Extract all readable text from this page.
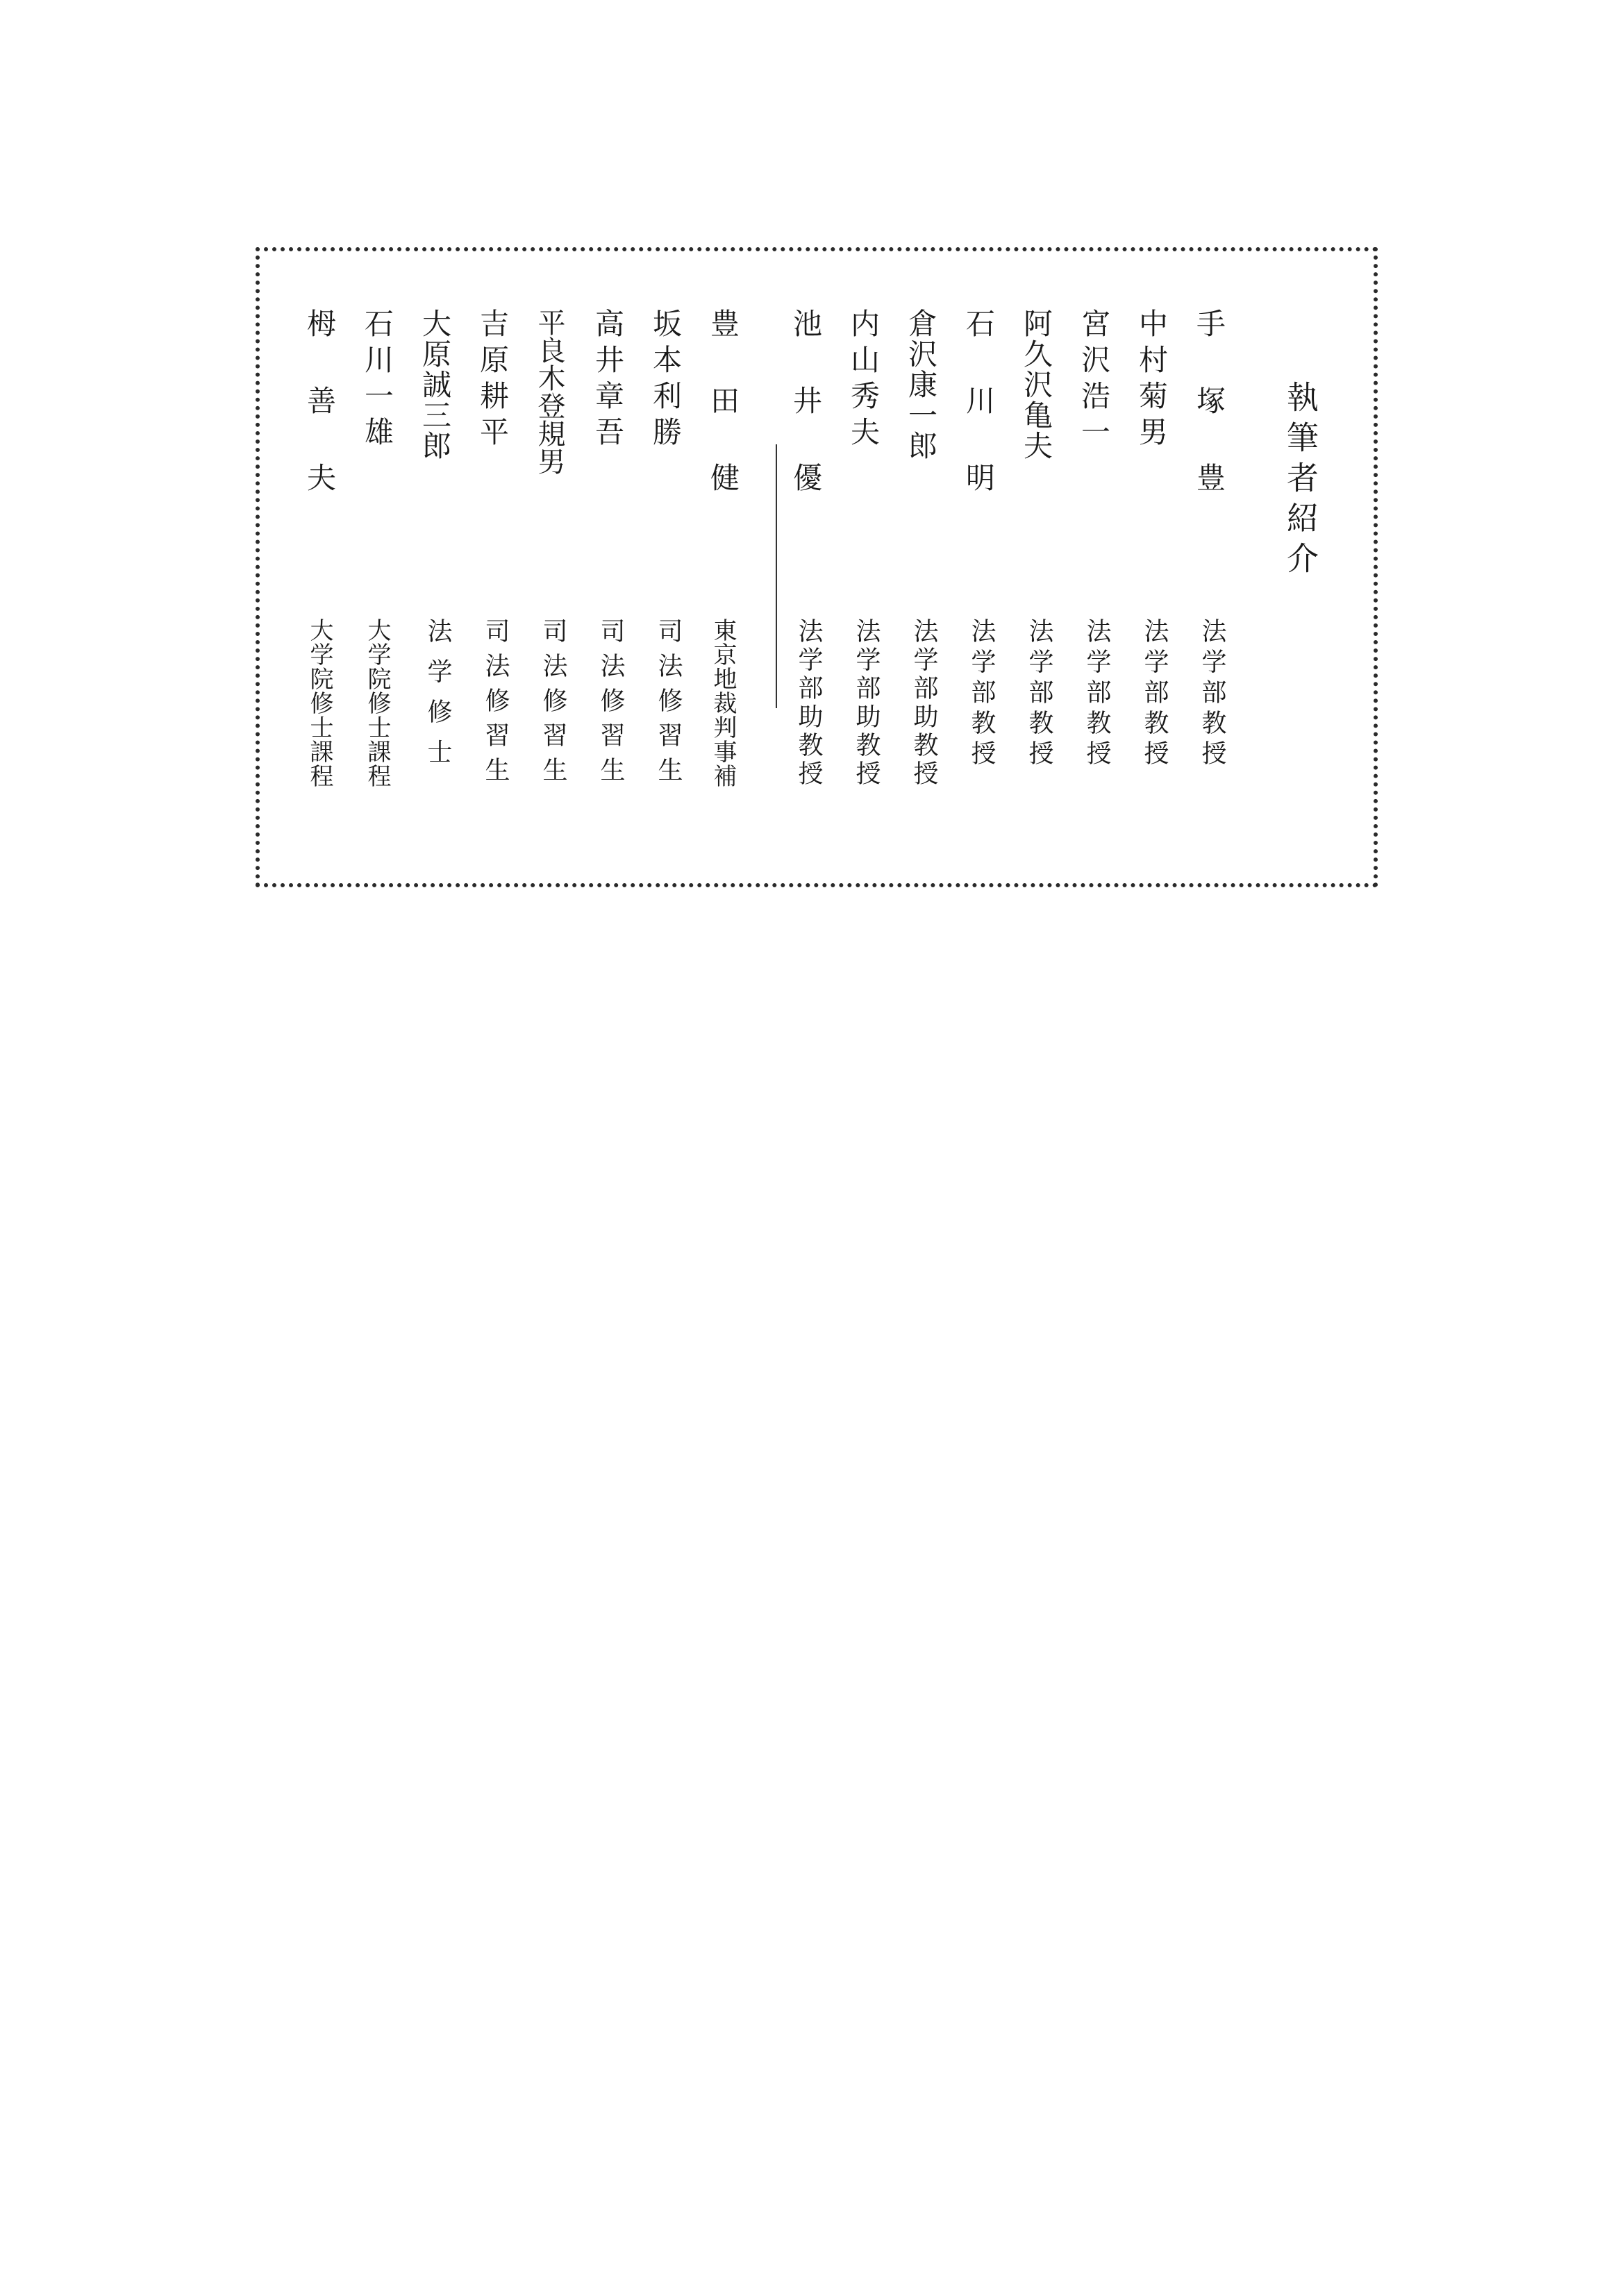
執筆者紹介
手 塚 豊
法学部教授
中村菊男
法学部教授
宮沢浩一
法学部教授
阿久沢亀夫
法学部教授
石 川 明
法学部教授
倉沢康一郎
法学部助教授
内山秀夫
法学部助教授
池 井 優
法学部助教授
豊 田 健
東京地裁判事補
坂本利勝
司法修習生
高井章吾
司法修習生
平良木登規男
司法修習生
吉原耕平
司法修習生
大原誠三郎
法学修士
石川一雄
大学院修士課程
栂 善 夫
大学院修士課程
